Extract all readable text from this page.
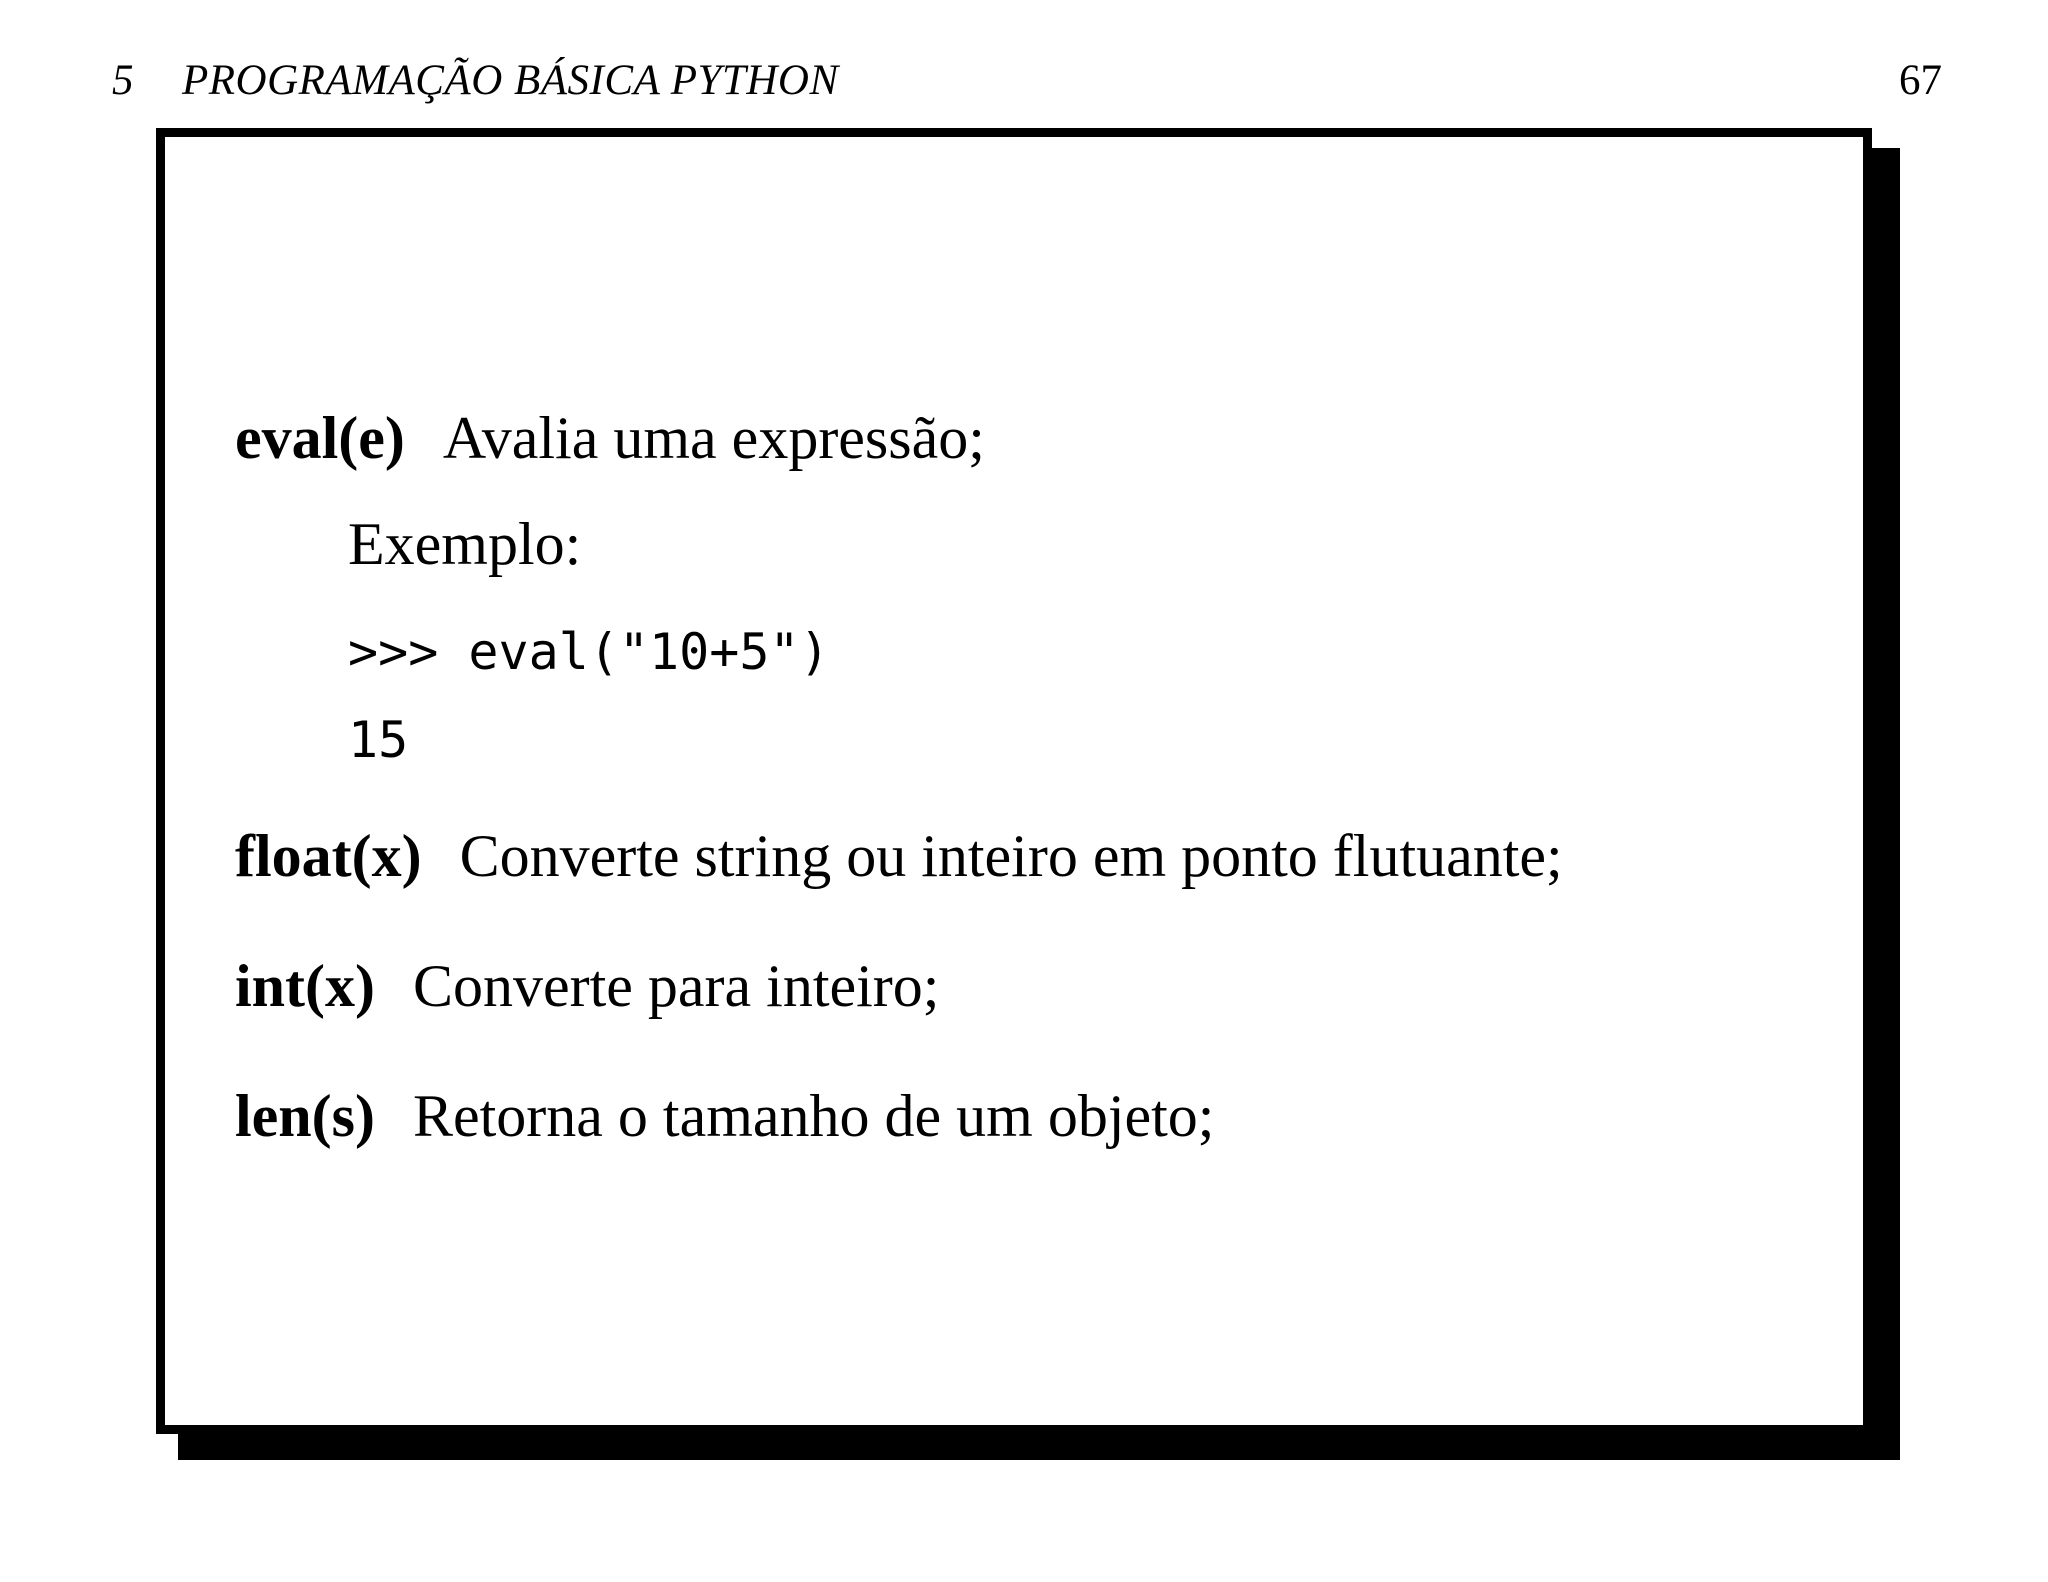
5 PROGRAMAÇÃO BÁSICA PYTHON	67
eval(e) Avalia uma expressão;
Exemplo:
>>> eval("10+5")
15
float(x) Converte string ou inteiro em ponto flutuante;
int(x) Converte para inteiro;
len(s) Retorna o tamanho de um objeto;
